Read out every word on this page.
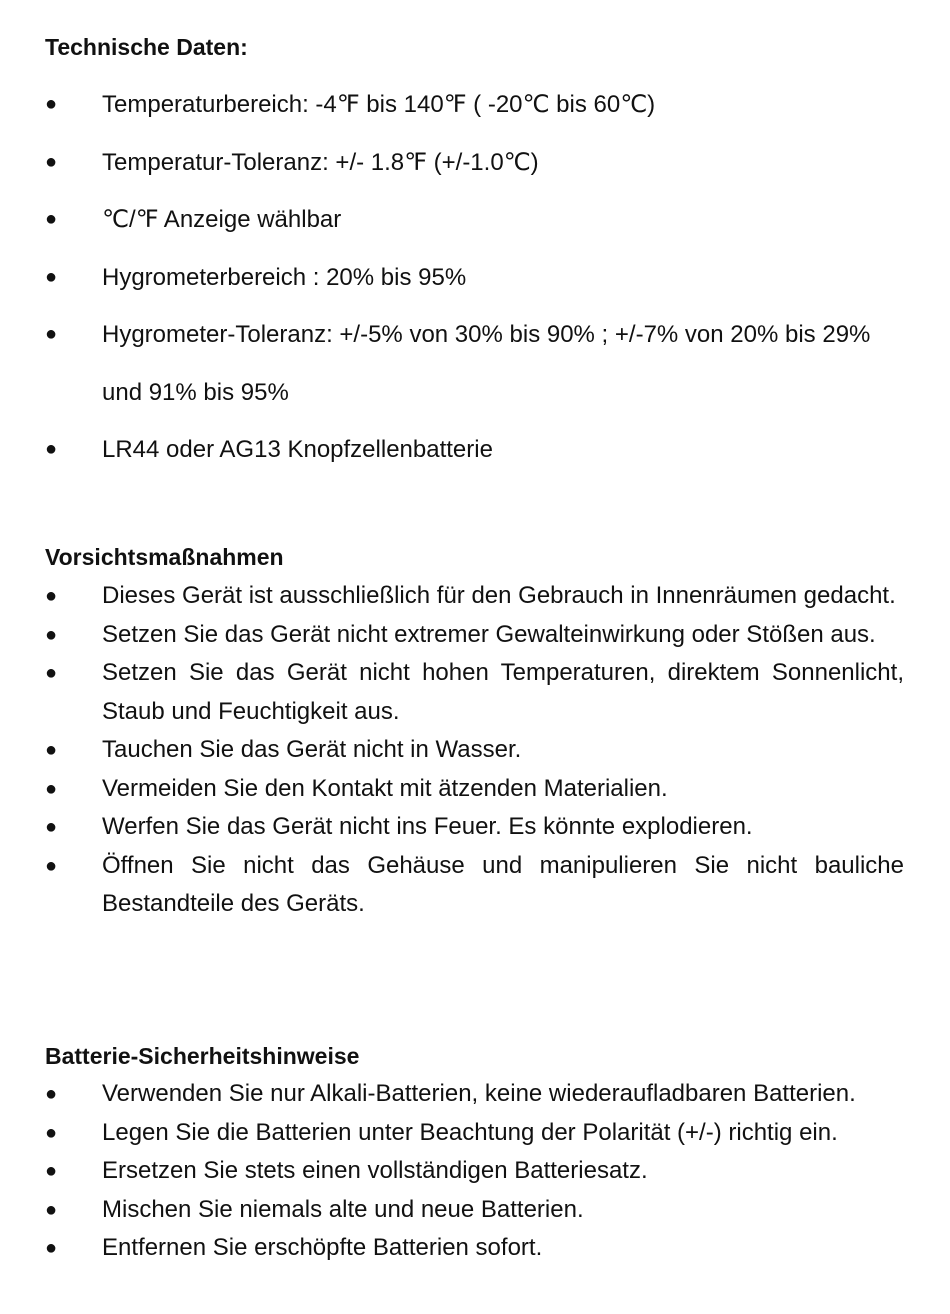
Technische Daten:
● Temperaturbereich: -4℉ bis 140℉ ( -20℃ bis 60℃)
● Temperatur-Toleranz: +/- 1.8℉ (+/-1.0℃)
● ℃/℉ Anzeige wählbar
● Hygrometerbereich : 20% bis 95%
● Hygrometer-Toleranz: +/-5% von 30% bis 90% ; +/-7% von 20% bis 29% und 91% bis 95%
● LR44 oder AG13 Knopfzellenbatterie
Vorsichtsmaßnahmen
● Dieses Gerät ist ausschließlich für den Gebrauch in Innenräumen gedacht.
● Setzen Sie das Gerät nicht extremer Gewalteinwirkung oder Stößen aus.
● Setzen Sie das Gerät nicht hohen Temperaturen, direktem Sonnenlicht, Staub und Feuchtigkeit aus.
● Tauchen Sie das Gerät nicht in Wasser.
● Vermeiden Sie den Kontakt mit ätzenden Materialien.
● Werfen Sie das Gerät nicht ins Feuer. Es könnte explodieren.
● Öffnen Sie nicht das Gehäuse und manipulieren Sie nicht bauliche Bestandteile des Geräts.
Batterie-Sicherheitshinweise
● Verwenden Sie nur Alkali-Batterien, keine wiederaufladbaren Batterien.
● Legen Sie die Batterien unter Beachtung der Polarität (+/-) richtig ein.
● Ersetzen Sie stets einen vollständigen Batteriesatz.
● Mischen Sie niemals alte und neue Batterien.
● Entfernen Sie erschöpfte Batterien sofort.
